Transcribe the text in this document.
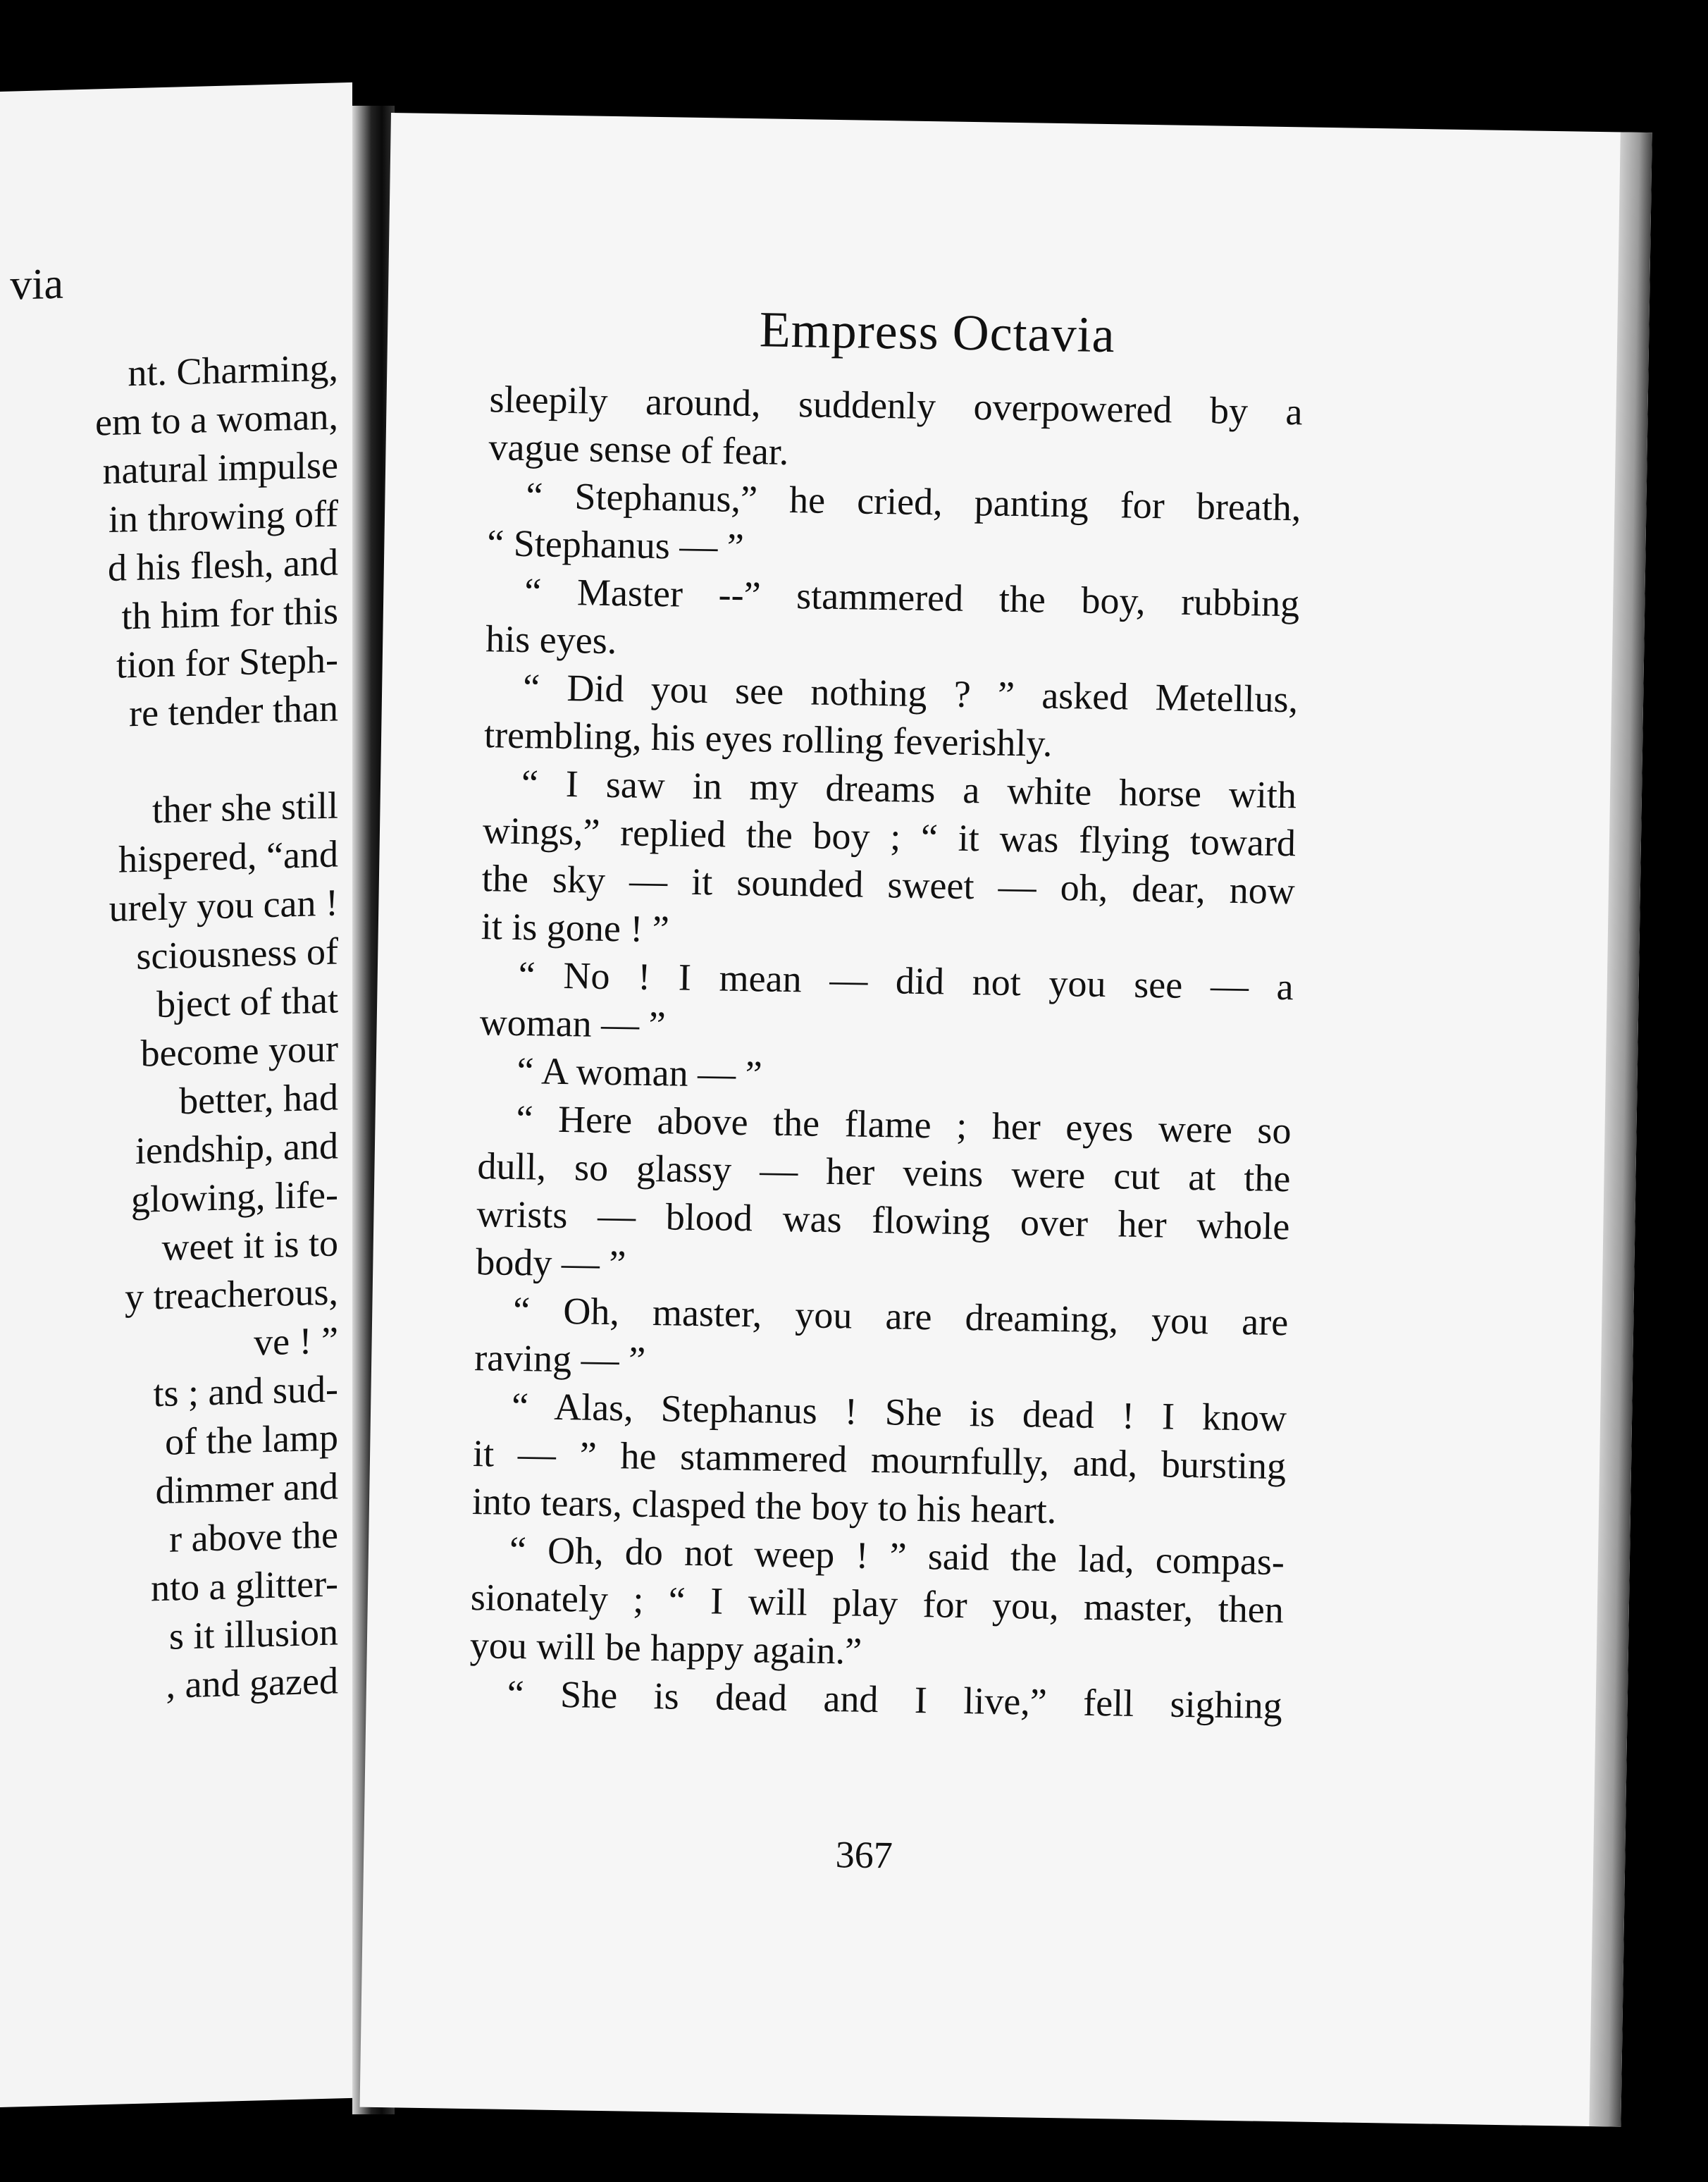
via
nt. Charming,
em to a woman,
natural impulse
in throwing off
d his flesh, and
th him for this
tion for Steph-
re tender than
ther she still
hispered, “and
urely you can !
sciousness of
bject of that
become your
better, had
iendship, and
glowing, life-
weet it is to
y treacherous,
ve ! ”
ts ; and sud-
of the lamp
dimmer and
r above the
nto a glitter-
s it illusion
, and gazed
Empress Octavia
sleepily around, suddenly overpowered by a
vague sense of fear.
“ Stephanus,” he cried, panting for breath,
“ Stephanus — ”
“ Master --” stammered the boy, rubbing
his eyes.
“ Did you see nothing ? ” asked Metellus,
trembling, his eyes rolling feverishly.
“ I saw in my dreams a white horse with
wings,” replied the boy ; “ it was flying toward
the sky — it sounded sweet — oh, dear, now
it is gone ! ”
“ No ! I mean — did not you see — a
woman — ”
“ A woman — ”
“ Here above the flame ; her eyes were so
dull, so glassy — her veins were cut at the
wrists — blood was flowing over her whole
body — ”
“ Oh, master, you are dreaming, you are
raving — ”
“ Alas, Stephanus ! She is dead ! I know
it — ” he stammered mournfully, and, bursting
into tears, clasped the boy to his heart.
“ Oh, do not weep ! ” said the lad, compas-
sionately ; “ I will play for you, master, then
you will be happy again.”
“ She is dead and I live,” fell sighing
367
